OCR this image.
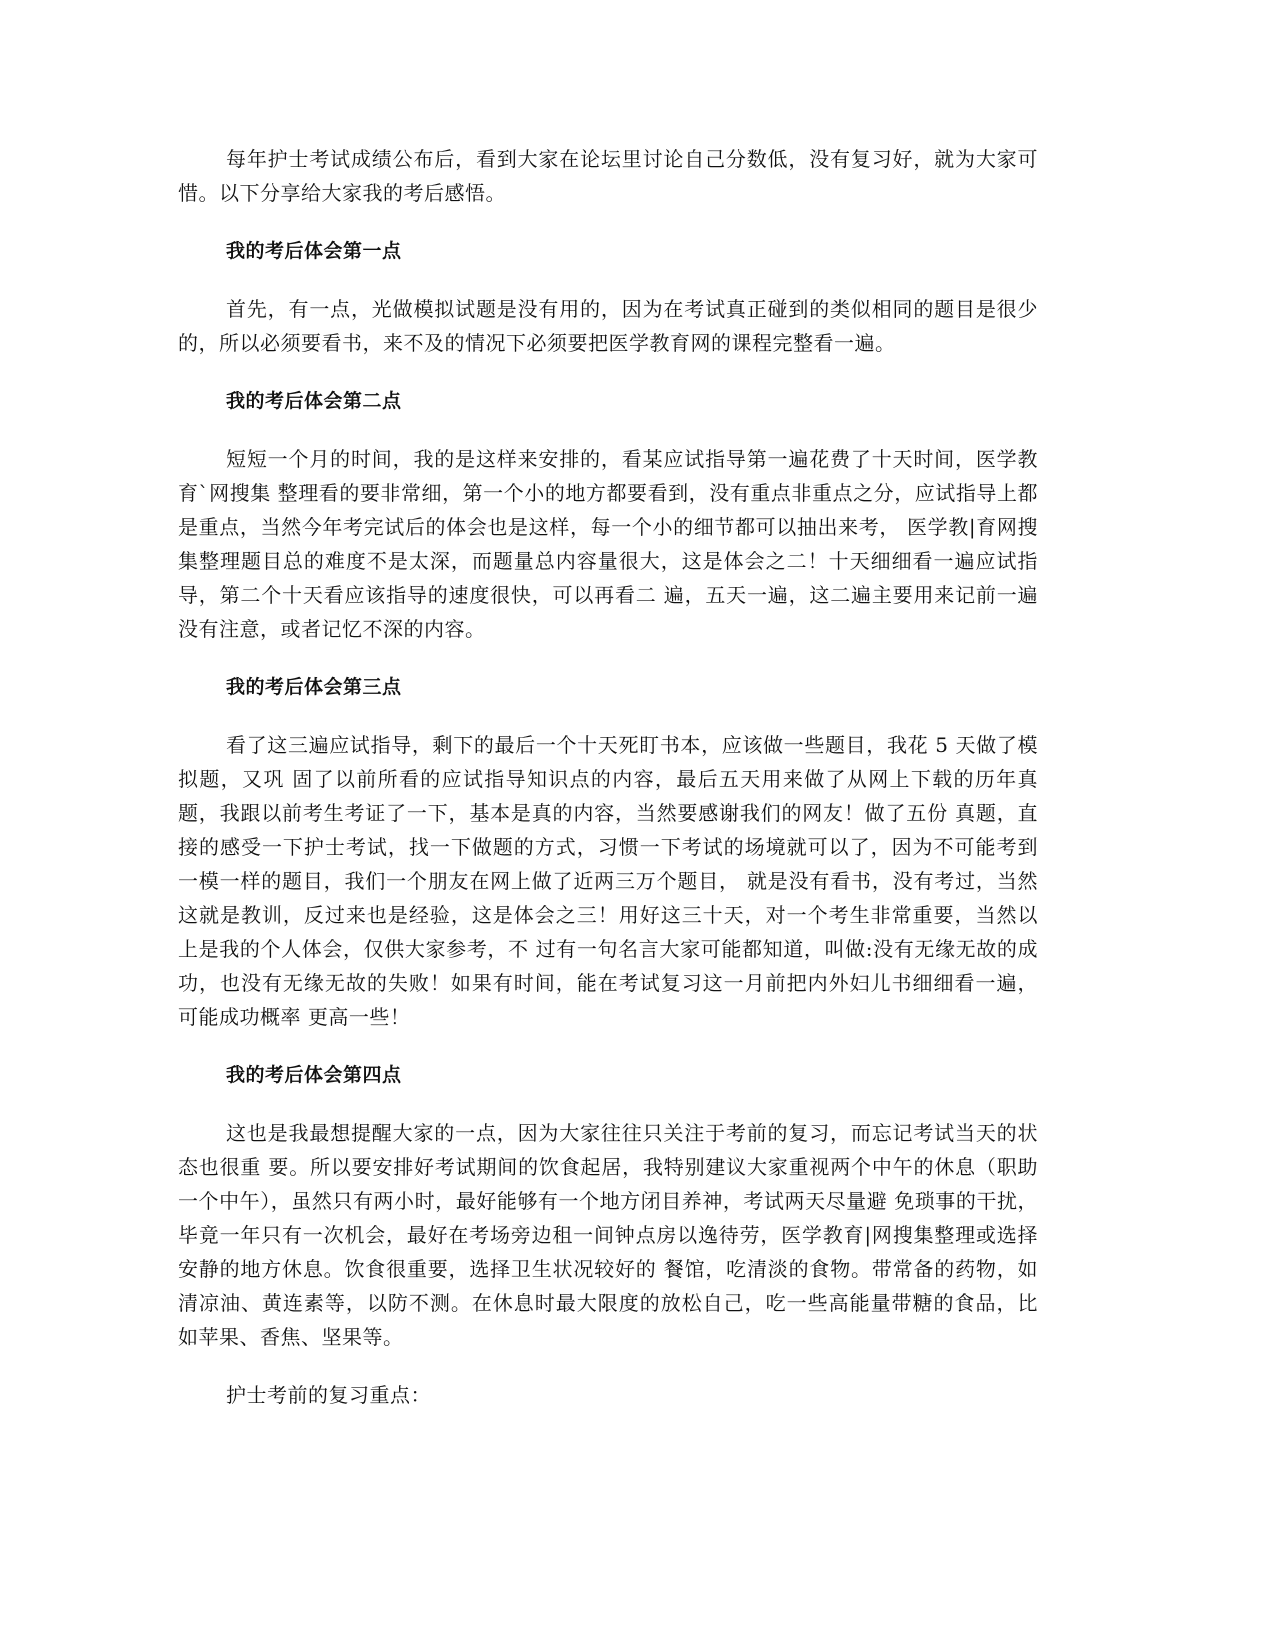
每年护士考试成绩公布后，看到大家在论坛里讨论自己分数低，没有复习好，就为大家可惜。以下分享给大家我的考后感悟。

我的考后体会第一点

首先，有一点，光做模拟试题是没有用的，因为在考试真正碰到的类似相同的题目是很少的，所以必须要看书，来不及的情况下必须要把医学教育网的课程完整看一遍。

我的考后体会第二点

短短一个月的时间，我的是这样来安排的，看某应试指导第一遍花费了十天时间，医学教育`网搜集 整理看的要非常细，第一个小的地方都要看到，没有重点非重点之分，应试指导上都是重点，当然今年考完试后的体会也是这样，每一个小的细节都可以抽出来考， 医学教|育网搜集整理题目总的难度不是太深，而题量总内容量很大，这是体会之二！十天细细看一遍应试指导，第二个十天看应该指导的速度很快，可以再看二 遍，五天一遍，这二遍主要用来记前一遍没有注意，或者记忆不深的内容。

我的考后体会第三点

看了这三遍应试指导，剩下的最后一个十天死盯书本，应该做一些题目，我花 5 天做了模拟题，又巩 固了以前所看的应试指导知识点的内容，最后五天用来做了从网上下载的历年真题，我跟以前考生考证了一下，基本是真的内容，当然要感谢我们的网友！做了五份 真题，直接的感受一下护士考试，找一下做题的方式，习惯一下考试的场境就可以了，因为不可能考到一模一样的题目，我们一个朋友在网上做了近两三万个题目， 就是没有看书，没有考过，当然这就是教训，反过来也是经验，这是体会之三！用好这三十天，对一个考生非常重要，当然以上是我的个人体会，仅供大家参考，不 过有一句名言大家可能都知道，叫做:没有无缘无故的成功，也没有无缘无故的失败！如果有时间，能在考试复习这一月前把内外妇儿书细细看一遍，可能成功概率 更高一些！

我的考后体会第四点

这也是我最想提醒大家的一点，因为大家往往只关注于考前的复习，而忘记考试当天的状态也很重 要。所以要安排好考试期间的饮食起居，我特别建议大家重视两个中午的休息（职助一个中午），虽然只有两小时，最好能够有一个地方闭目养神，考试两天尽量避 免琐事的干扰，毕竟一年只有一次机会，最好在考场旁边租一间钟点房以逸待劳，医学教育|网搜集整理或选择安静的地方休息。饮食很重要，选择卫生状况较好的 餐馆，吃清淡的食物。带常备的药物，如清凉油、黄连素等，以防不测。在休息时最大限度的放松自己，吃一些高能量带糖的食品，比如苹果、香焦、坚果等。

护士考前的复习重点：
